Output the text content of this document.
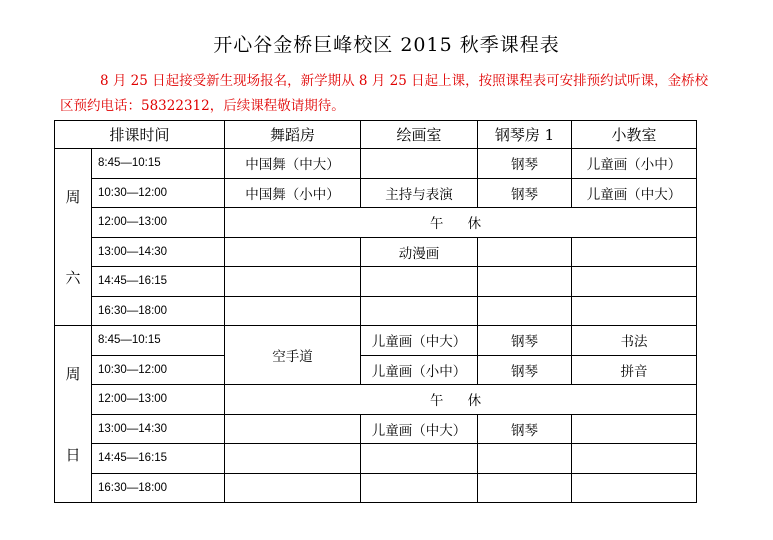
开心谷金桥巨峰校区 2015 秋季课程表
8 月 25 日起接受新生现场报名，新学期从 8 月 25 日起上课，按照课程表可安排预约试听课，金桥校区预约电话：58322312，后续课程敬请期待。
排课时间		舞蹈房	绘画室	钢琴房 1	小教室

周
六	8:45—10:15	中国舞（中大）		钢琴	儿童画（小中）
	10:30—12:00	中国舞（小中）	主持与表演	钢琴	儿童画（中大）
	12:00—13:00	午 休			
	13:00—14:30		动漫画		
	14:45—16:15				
	16:30—18:00				

周
日	8:45—10:15	空手道	儿童画（中大）	钢琴	书法
	10:30—12:00		儿童画（小中）	钢琴	拼音
	12:00—13:00	午 休			
	13:00—14:30		儿童画（中大）	钢琴	
	14:45—16:15				
	16:30—18:00				
